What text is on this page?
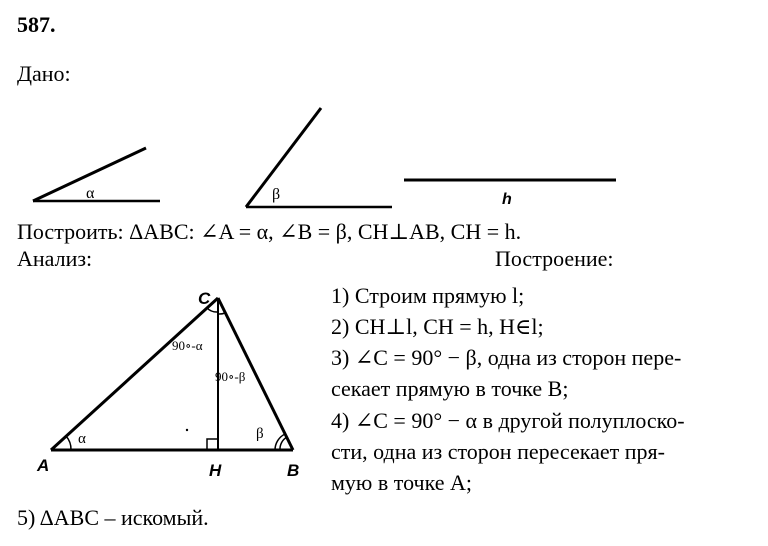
587.
Дано:
α	β	h
Построить: ΔABC: ∠A = α, ∠B = β, CH⊥AB, CH = h.
Анализ:	Построение:
C
A	H	B
α	β
90∘-α
90∘-β
1) Строим прямую l;
2) CH⊥l, CH = h, H∈l;
3) ∠C = 90° − β, одна из сторон пере-
секает прямую в точке B;
4) ∠C = 90° − α в другой полуплоско-
сти, одна из сторон пересекает пря-
мую в точке A;
5) ΔABC – искомый.
